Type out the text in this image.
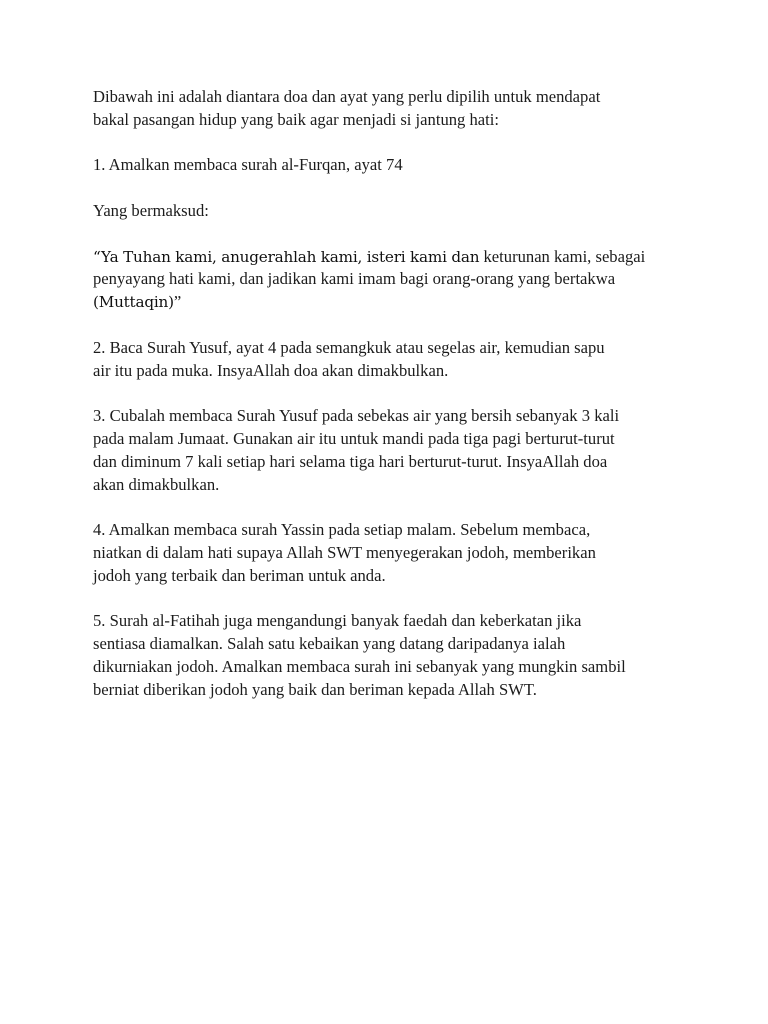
Dibawah ini adalah diantara doa dan ayat yang perlu dipilih untuk mendapat
bakal pasangan hidup yang baik agar menjadi si jantung hati:

1. Amalkan membaca surah al-Furqan, ayat 74

Yang bermaksud:

“Ya Tuhan kami, anugerahlah kami, isteri kami dan keturunan kami, sebagai
penyayang hati kami, dan jadikan kami imam bagi orang-orang yang bertakwa
(Muttaqin)”

2. Baca Surah Yusuf, ayat 4 pada semangkuk atau segelas air, kemudian sapu
air itu pada muka. InsyaAllah doa akan dimakbulkan.

3. Cubalah membaca Surah Yusuf pada sebekas air yang bersih sebanyak 3 kali
pada malam Jumaat. Gunakan air itu untuk mandi pada tiga pagi berturut-turut
dan diminum 7 kali setiap hari selama tiga hari berturut-turut. InsyaAllah doa
akan dimakbulkan.

4. Amalkan membaca surah Yassin pada setiap malam. Sebelum membaca,
niatkan di dalam hati supaya Allah SWT menyegerakan jodoh, memberikan
jodoh yang terbaik dan beriman untuk anda.

5. Surah al-Fatihah juga mengandungi banyak faedah dan keberkatan jika
sentiasa diamalkan. Salah satu kebaikan yang datang daripadanya ialah
dikurniakan jodoh. Amalkan membaca surah ini sebanyak yang mungkin sambil
berniat diberikan jodoh yang baik dan beriman kepada Allah SWT.
